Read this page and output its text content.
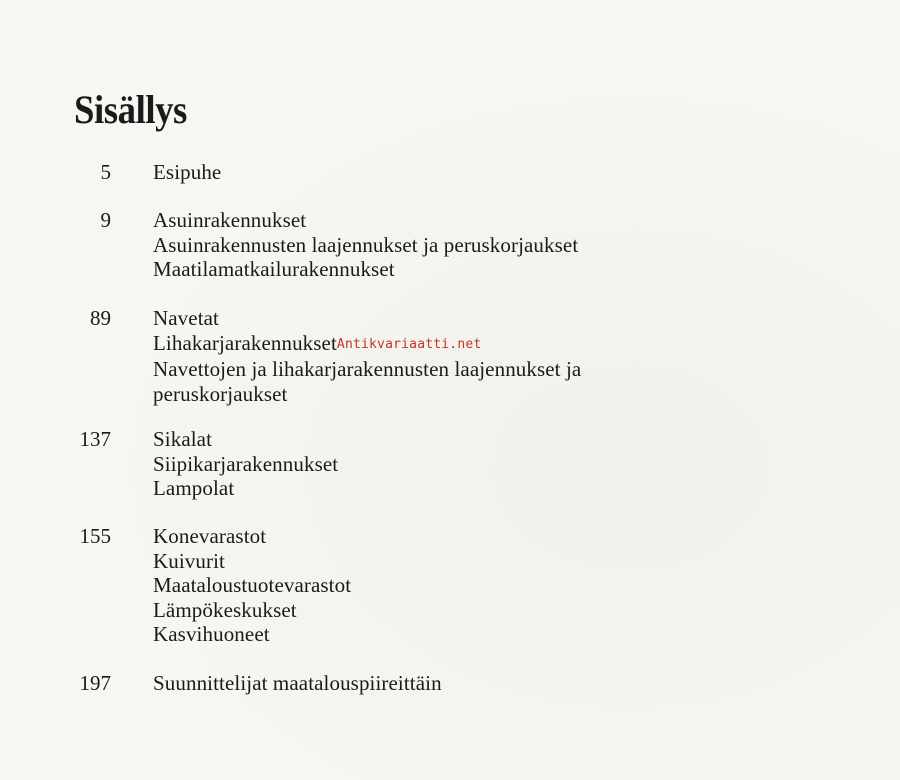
Sisällys
5 Esipuhe
9 Asuinrakennukset
Asuinrakennusten laajennukset ja peruskorjaukset
Maatilamatkailurakennukset
89 Navetat
LihakarjarakennuksetAntikvariaatti.net
Navettojen ja lihakarjarakennusten laajennukset ja
peruskorjaukset
137 Sikalat
Siipikarjarakennukset
Lampolat
155 Konevarastot
Kuivurit
Maataloustuotevarastot
Lämpökeskukset
Kasvihuoneet
197 Suunnittelijat maatalouspiireittäin
